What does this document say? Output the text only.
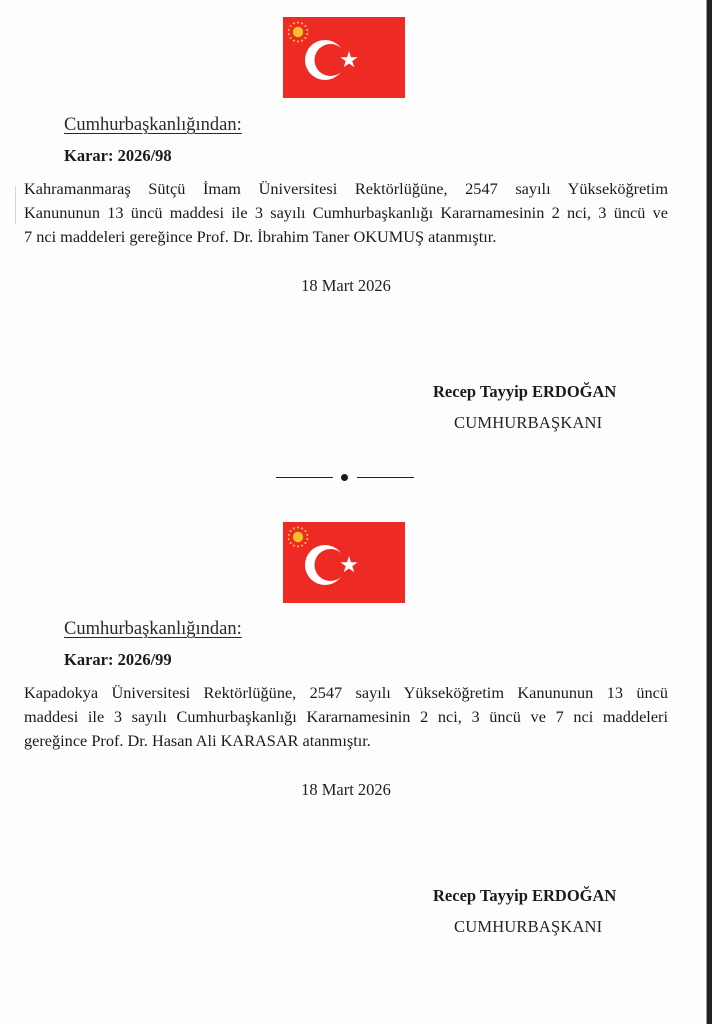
Cumhurbaşkanlığından:
Karar: 2026/98
Kahramanmaraş Sütçü İmam Üniversitesi Rektörlüğüne, 2547 sayılı Yükseköğretim
Kanununun 13 üncü maddesi ile 3 sayılı Cumhurbaşkanlığı Kararnamesinin 2 nci, 3 üncü ve
7 nci maddeleri gereğince Prof. Dr. İbrahim Taner OKUMUŞ atanmıştır.
18 Mart 2026
Recep Tayyip ERDOĞAN
CUMHURBAŞKANI
Cumhurbaşkanlığından:
Karar: 2026/99
Kapadokya Üniversitesi Rektörlüğüne, 2547 sayılı Yükseköğretim Kanununun 13 üncü
maddesi ile 3 sayılı Cumhurbaşkanlığı Kararnamesinin 2 nci, 3 üncü ve 7 nci maddeleri
gereğince Prof. Dr. Hasan Ali KARASAR atanmıştır.
18 Mart 2026
Recep Tayyip ERDOĞAN
CUMHURBAŞKANI
